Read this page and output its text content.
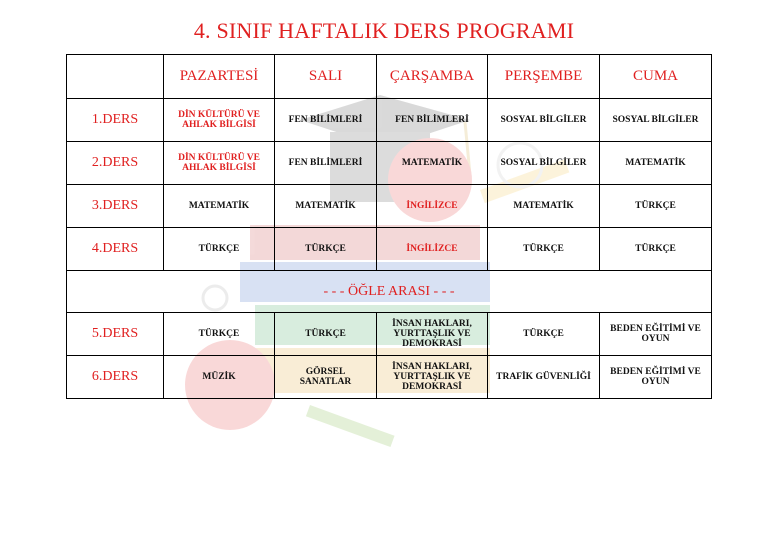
4. SINIF HAFTALIK DERS PROGRAMI
	PAZARTESİ	SALI	ÇARŞAMBA	PERŞEMBE	CUMA
1.DERS	DİN KÜLTÜRÜ VE
AHLAK BİLGİSİ	FEN BİLİMLERİ	FEN BİLİMLERİ	SOSYAL BİLGİLER	SOSYAL BİLGİLER

2.DERS	DİN KÜLTÜRÜ VE
AHLAK BİLGİSİ	FEN BİLİMLERİ	MATEMATİK	SOSYAL BİLGİLER	MATEMATİK

3.DERS	MATEMATİK	MATEMATİK	İNGİLİZCE	MATEMATİK	TÜRKÇE

4.DERS	TÜRKÇE	TÜRKÇE	İNGİLİZCE	TÜRKÇE	TÜRKÇE

- - - ÖĞLE ARASI - - -					
5.DERS	TÜRKÇE	TÜRKÇE	İNSAN HAKLARI,
YURTTAŞLIK VE
DEMOKRASİ	TÜRKÇE	BEDEN EĞİTİMİ VE
OYUN

6.DERS	MÜZİK	GÖRSEL
SANATLAR	İNSAN HAKLARI,
YURTTAŞLIK VE
DEMOKRASİ	TRAFİK GÜVENLİĞİ	BEDEN EĞİTİMİ VE
OYUN
